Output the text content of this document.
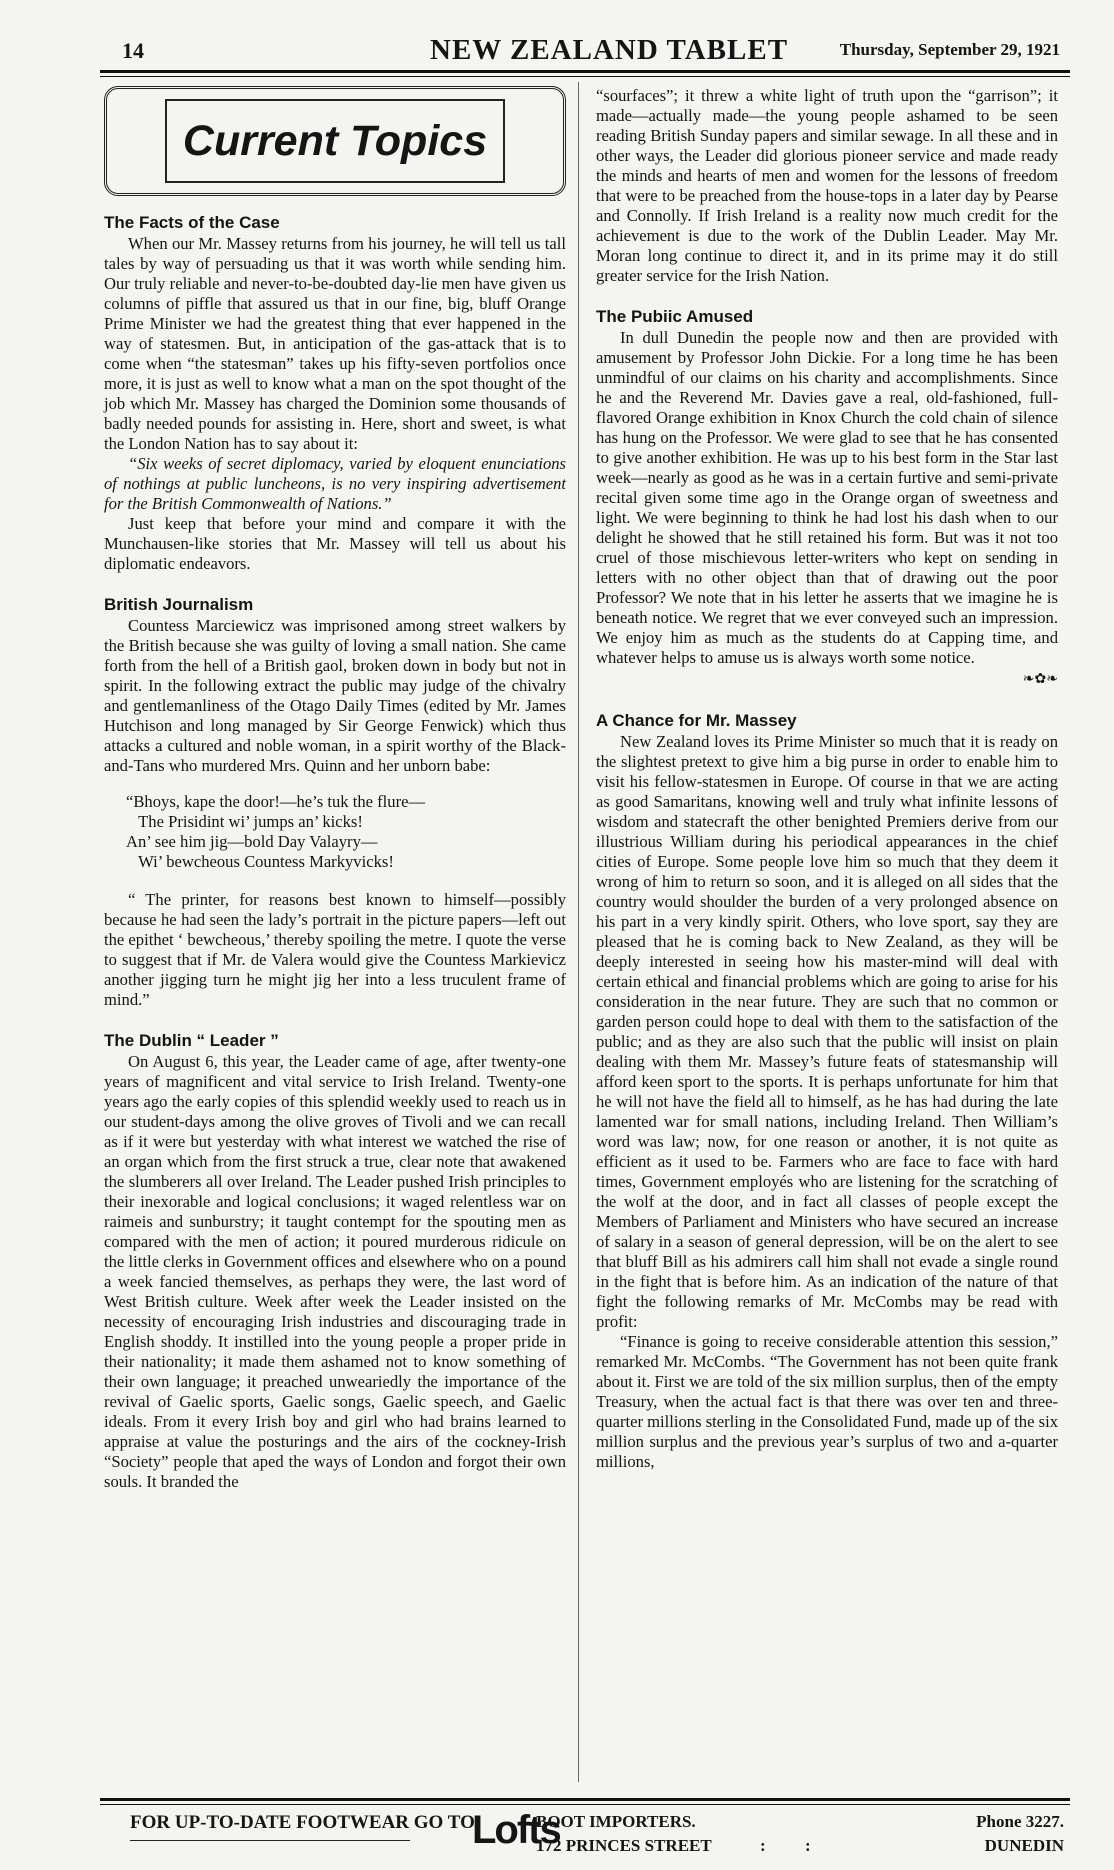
14	NEW ZEALAND TABLET	Thursday, September 29, 1921
Current Topics
The Facts of the Case

When our Mr. Massey returns from his journey, he will tell us tall tales by way of persuading us that it was worth while sending him. Our truly reliable and never-to-be-doubted day-lie men have given us columns of piffle that assured us that in our fine, big, bluff Orange Prime Minister we had the greatest thing that ever happened in the way of statesmen. But, in anticipation of the gas-attack that is to come when “the statesman” takes up his fifty-seven portfolios once more, it is just as well to know what a man on the spot thought of the job which Mr. Massey has charged the Dominion some thousands of badly needed pounds for assisting in. Here, short and sweet, is what the London Nation has to say about it:

“Six weeks of secret diplomacy, varied by eloquent enunciations of nothings at public luncheons, is no very inspiring advertisement for the British Commonwealth of Nations.”

Just keep that before your mind and compare it with the Munchausen-like stories that Mr. Massey will tell us about his diplomatic endeavors.

British Journalism

Countess Marciewicz was imprisoned among street walkers by the British because she was guilty of loving a small nation. She came forth from the hell of a British gaol, broken down in body but not in spirit. In the following extract the public may judge of the chivalry and gentlemanliness of the Otago Daily Times (edited by Mr. James Hutchison and long managed by Sir George Fenwick) which thus attacks a cultured and noble woman, in a spirit worthy of the Black-and-Tans who murdered Mrs. Quinn and her unborn babe:

“Bhoys, kape the door!—he’s tuk the flure—
The Prisidint wi’ jumps an’ kicks!
An’ see him jig—bold Day Valayry—
Wi’ bewcheous Countess Markyvicks!

“ The printer, for reasons best known to himself—possibly because he had seen the lady’s portrait in the picture papers—left out the epithet ‘ bewcheous,’ thereby spoiling the metre. I quote the verse to suggest that if Mr. de Valera would give the Countess Markievicz another jigging turn he might jig her into a less truculent frame of mind.”

The Dublin “ Leader ”

On August 6, this year, the Leader came of age, after twenty-one years of magnificent and vital service to Irish Ireland. Twenty-one years ago the early copies of this splendid weekly used to reach us in our student-days among the olive groves of Tivoli and we can recall as if it were but yesterday with what interest we watched the rise of an organ which from the first struck a true, clear note that awakened the slumberers all over Ireland. The Leader pushed Irish principles to their inexorable and logical conclusions; it waged relentless war on raimeis and sunburstry; it taught contempt for the spouting men as compared with the men of action; it poured murderous ridicule on the little clerks in Government offices and elsewhere who on a pound a week fancied themselves, as perhaps they were, the last word of West British culture. Week after week the Leader insisted on the necessity of encouraging Irish industries and discouraging trade in English shoddy. It instilled into the young people a proper pride in their nationality; it made them ashamed not to know something of their own language; it preached unweariedly the importance of the revival of Gaelic sports, Gaelic songs, Gaelic speech, and Gaelic ideals. From it every Irish boy and girl who had brains learned to appraise at value the posturings and the airs of the cockney-Irish “Society” people that aped the ways of London and forgot their own souls. It branded the

“sourfaces”; it threw a white light of truth upon the “garrison”; it made—actually made—the young people ashamed to be seen reading British Sunday papers and similar sewage. In all these and in other ways, the Leader did glorious pioneer service and made ready the minds and hearts of men and women for the lessons of freedom that were to be preached from the house-tops in a later day by Pearse and Connolly. If Irish Ireland is a reality now much credit for the achievement is due to the work of the Dublin Leader. May Mr. Moran long continue to direct it, and in its prime may it do still greater service for the Irish Nation.

The Pubiic Amused

In dull Dunedin the people now and then are provided with amusement by Professor John Dickie. For a long time he has been unmindful of our claims on his charity and accomplishments. Since he and the Reverend Mr. Davies gave a real, old-fashioned, full-flavored Orange exhibition in Knox Church the cold chain of silence has hung on the Professor. We were glad to see that he has consented to give another exhibition. He was up to his best form in the Star last week—nearly as good as he was in a certain furtive and semi-private recital given some time ago in the Orange organ of sweetness and light. We were beginning to think he had lost his dash when to our delight he showed that he still retained his form. But was it not too cruel of those mischievous letter-writers who kept on sending in letters with no other object than that of drawing out the poor Professor? We note that in his letter he asserts that we imagine he is beneath notice. We regret that we ever conveyed such an impression. We enjoy him as much as the students do at Capping time, and whatever helps to amuse us is always worth some notice.

❧✿❧
A Chance for Mr. Massey

New Zealand loves its Prime Minister so much that it is ready on the slightest pretext to give him a big purse in order to enable him to visit his fellow-statesmen in Europe. Of course in that we are acting as good Samaritans, knowing well and truly what infinite lessons of wisdom and statecraft the other benighted Premiers derive from our illustrious William during his periodical appearances in the chief cities of Europe. Some people love him so much that they deem it wrong of him to return so soon, and it is alleged on all sides that the country would shoulder the burden of a very prolonged absence on his part in a very kindly spirit. Others, who love sport, say they are pleased that he is coming back to New Zealand, as they will be deeply interested in seeing how his master-mind will deal with certain ethical and financial problems which are going to arise for his consideration in the near future. They are such that no common or garden person could hope to deal with them to the satisfaction of the public; and as they are also such that the public will insist on plain dealing with them Mr. Massey’s future feats of statesmanship will afford keen sport to the sports. It is perhaps unfortunate for him that he will not have the field all to himself, as he has had during the late lamented war for small nations, including Ireland. Then William’s word was law; now, for one reason or another, it is not quite as efficient as it used to be. Farmers who are face to face with hard times, Government employés who are listening for the scratching of the wolf at the door, and in fact all classes of people except the Members of Parliament and Ministers who have secured an increase of salary in a season of general depression, will be on the alert to see that bluff Bill as his admirers call him shall not evade a single round in the fight that is before him. As an indication of the nature of that fight the following remarks of Mr. McCombs may be read with profit:

“Finance is going to receive considerable attention this session,” remarked Mr. McCombs. “The Government has not been quite frank about it. First we are told of the six million surplus, then of the empty Treasury, when the actual fact is that there was over ten and three-quarter millions sterling in the Consolidated Fund, made up of the six million surplus and the previous year’s surplus of two and a-quarter millions,

FOR UP-TO-DATE FOOTWEAR GO TO
Lofts
BOOT IMPORTERS.
172 PRINCES STREET	: :
Phone 3227.
DUNEDIN
